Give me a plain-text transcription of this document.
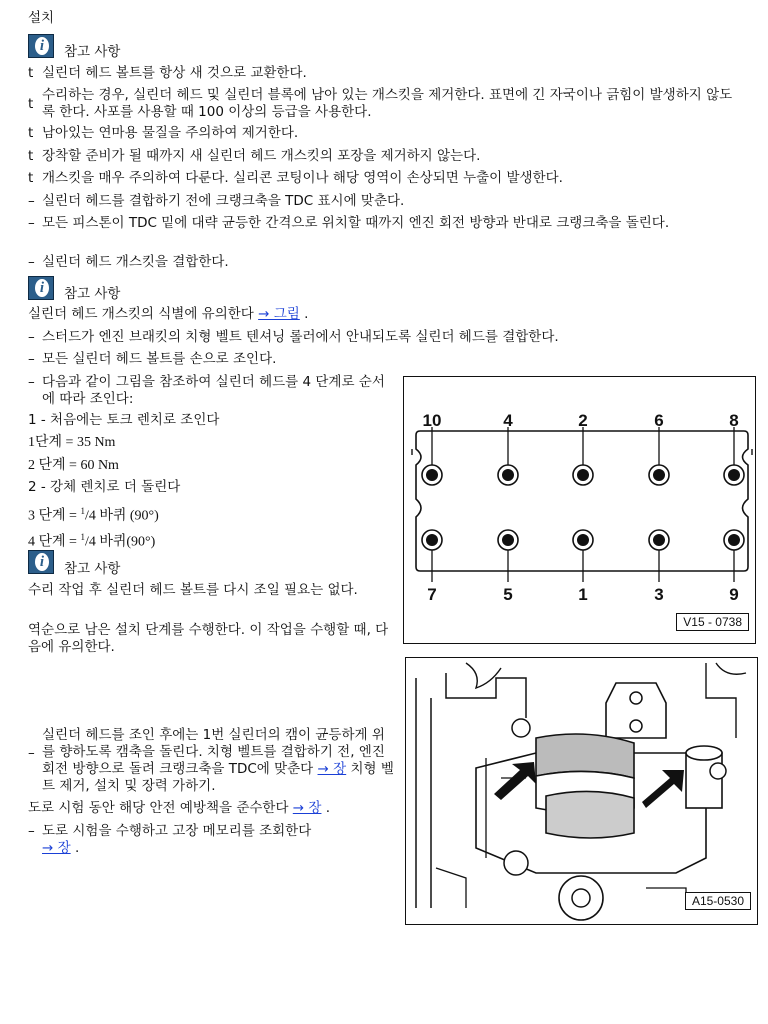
설치
i	참고 사항
t 실린더 헤드 볼트를 항상 새 것으로 교환한다.
t
수리하는 경우, 실린더 헤드 및 실린더 블록에 남아 있는 개스킷을 제거한다. 표면에 긴 자국이나 긁힘이 발생하지 않도록 한다. 사포를 사용할 때 100 이상의 등급을 사용한다.
t 남아있는 연마용 물질을 주의하여 제거한다.
t 장착할 준비가 될 때까지 새 실린더 헤드 개스킷의 포장을 제거하지 않는다.
t 개스킷을 매우 주의하여 다룬다. 실리콘 코팅이나 해당 영역이 손상되면 누출이 발생한다.
– 실린더 헤드를 결합하기 전에 크랭크축을 TDC 표시에 맞춘다.
– 모든 피스톤이 TDC 밑에 대략 균등한 간격으로 위치할 때까지 엔진 회전 방향과 반대로 크랭크축을 돌린다.
– 실린더 헤드 개스킷을 결합한다.
i	참고 사항
실린더 헤드 개스킷의 식별에 유의한다 → 그림 .
– 스터드가 엔진 브래킷의 치형 벨트 텐셔닝 롤러에서 안내되도록 실린더 헤드를 결합한다.
– 모든 실린더 헤드 볼트를 손으로 조인다.
– 다음과 같이 그림을 참조하여 실린더 헤드를 4 단계로 순서에 따라 조인다:
1 - 처음에는 토크 렌치로 조인다
1단계 = 35 Nm
2 단계 = 60 Nm
2 - 강체 렌치로 더 돌린다
3 단계 = $^1$/4 바퀴 (90°)
4 단계 = $^1$/4 바퀴(90°)
i	참고 사항
수리 작업 후 실린더 헤드 볼트를 다시 조일 필요는 없다.
역순으로 남은 설치 단계를 수행한다. 이 작업을 수행할 때, 다음에 유의한다.
–
실린더 헤드를 조인 후에는 1번 실린더의 캠이 균등하게 위를 향하도록 캠축을 돌린다. 치형 벨트를 결합하기 전, 엔진 회전 방향으로 돌려 크랭크축을 TDC에 맞춘다 → 장 치형 벨트 제거, 설치 및 장력 가하기.
도로 시험 동안 해당 안전 예방책을 준수한다 → 장 .
– 도로 시험을 수행하고 고장 메모리를 조회한다
→ 장 .
10	4	2	6	8
7	5	1	3	9
V15 - 0738
A15-0530
